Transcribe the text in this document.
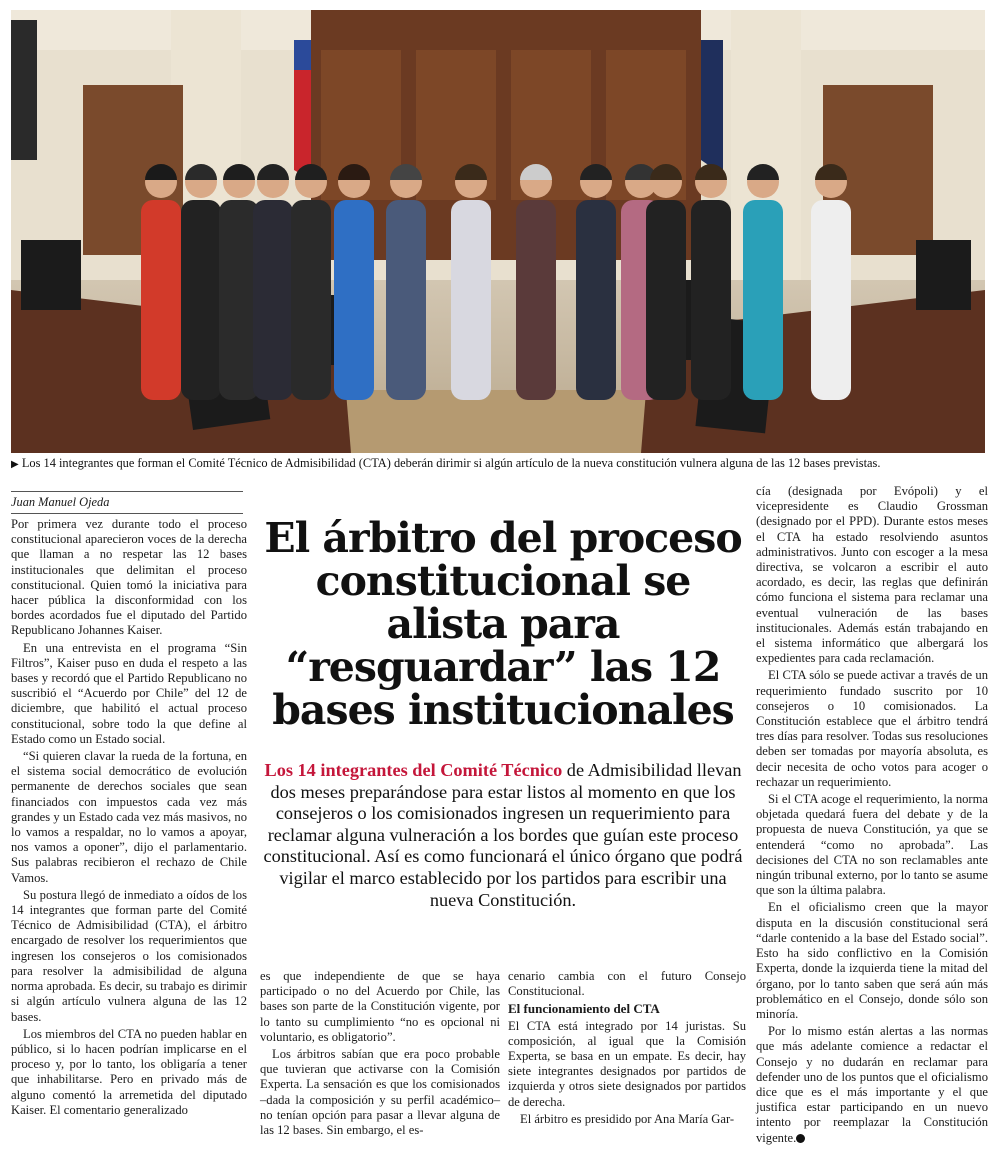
FOTO: PROCESOCONSTITUCIONAL
▶ Los 14 integrantes que forman el Comité Técnico de Admisibilidad (CTA) deberán dirimir si algún artículo de la nueva constitución vulnera alguna de las 12 bases previstas.
Juan Manuel Ojeda

Por primera vez durante todo el proceso constitucional aparecieron voces de la derecha que llaman a no respetar las 12 bases institucionales que delimitan el proceso constitucional. Quien tomó la iniciativa para hacer pública la disconformidad con los bordes acordados fue el diputado del Partido Republicano Johannes Kaiser.

En una entrevista en el programa “Sin Filtros”, Kaiser puso en duda el respeto a las bases y recordó que el Partido Republicano no suscribió el “Acuerdo por Chile” del 12 de diciembre, que habilitó el actual proceso constitucional, sobre todo la que define al Estado como un Estado social.

“Si quieren clavar la rueda de la fortuna, en el sistema social democrático de evolución permanente de derechos sociales que sean financiados con impuestos cada vez más grandes y un Estado cada vez más masivos, no lo vamos a respaldar, no lo vamos a apoyar, nos vamos a oponer”, dijo el parlamentario. Sus palabras recibieron el rechazo de Chile Vamos.

Su postura llegó de inmediato a oídos de los 14 integrantes que forman parte del Comité Técnico de Admisibilidad (CTA), el árbitro encargado de resolver los requerimientos que ingresen los consejeros o los comisionados para resolver la admisibilidad de alguna norma aprobada. Es decir, su trabajo es dirimir si algún artículo vulnera alguna de las 12 bases.

Los miembros del CTA no pueden hablar en público, si lo hacen podrían implicarse en el proceso y, por lo tanto, los obligaría a tener que inhabilitarse. Pero en privado más de alguno comentó la arremetida del diputado Kaiser. El comentario generalizado

El árbitro del proceso constitucional se alista para “resguardar” las 12 bases institucionales
Los 14 integrantes del Comité Técnico de Admisibilidad llevan dos meses preparándose para estar listos al momento en que los consejeros o los comisionados ingresen un requerimiento para reclamar alguna vulneración a los bordes que guían este proceso constitucional. Así es como funcionará el único órgano que podrá vigilar el marco establecido por los partidos para escribir una nueva Constitución.

es que independiente de que se haya participado o no del Acuerdo por Chile, las bases son parte de la Constitución vigente, por lo tanto su cumplimiento “no es opcional ni voluntario, es obligatorio”.

Los árbitros sabían que era poco probable que tuvieran que activarse con la Comisión Experta. La sensación es que los comisionados –dada la composición y su perfil académico– no tenían opción para pasar a llevar alguna de las 12 bases. Sin embargo, el es-

cenario cambia con el futuro Consejo Constitucional.

El funcionamiento del CTA

El CTA está integrado por 14 juristas. Su composición, al igual que la Comisión Experta, se basa en un empate. Es decir, hay siete integrantes designados por partidos de izquierda y otros siete designados por partidos de derecha.

El árbitro es presidido por Ana María Gar-

cía (designada por Evópoli) y el vicepresidente es Claudio Grossman (designado por el PPD). Durante estos meses el CTA ha estado resolviendo asuntos administrativos. Junto con escoger a la mesa directiva, se volcaron a escribir el auto acordado, es decir, las reglas que definirán cómo funciona el sistema para reclamar una eventual vulneración de las bases institucionales. Además están trabajando en el sistema informático que albergará los expedientes para cada reclamación.

El CTA sólo se puede activar a través de un requerimiento fundado suscrito por 10 consejeros o 10 comisionados. La Constitución establece que el árbitro tendrá tres días para resolver. Todas sus resoluciones deben ser tomadas por mayoría absoluta, es decir necesita de ocho votos para acoger o rechazar un requerimiento.

Si el CTA acoge el requerimiento, la norma objetada quedará fuera del debate y de la propuesta de nueva Constitución, ya que se entenderá “como no aprobada”. Las decisiones del CTA no son reclamables ante ningún tribunal externo, por lo tanto se asume que son la última palabra.

En el oficialismo creen que la mayor disputa en la discusión constitucional será “darle contenido a la base del Estado social”. Esto ha sido conflictivo en la Comisión Experta, donde la izquierda tiene la mitad del órgano, por lo tanto saben que será aún más problemático en el Consejo, donde sólo son minoría.

Por lo mismo están alertas a las normas que más adelante comience a redactar el Consejo y no dudarán en reclamar para defender uno de los puntos que el oficialismo dice que es el más importante y el que justifica estar participando en un nuevo intento por reemplazar la Constitución vigente.
